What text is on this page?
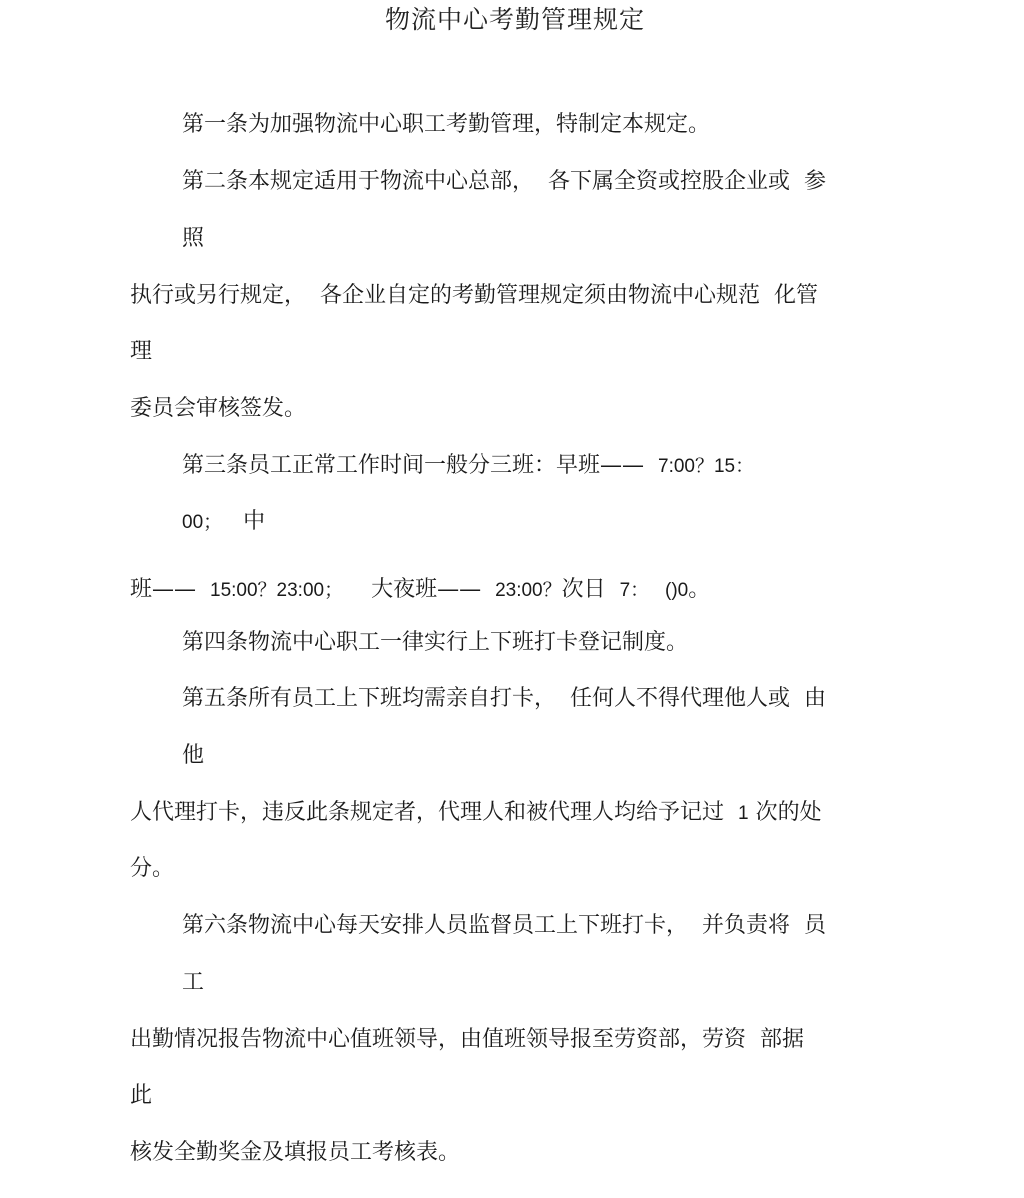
物流中心考勤管理规定
第一条为加强物流中心职工考勤管理，特制定本规定。
第二条本规定适用于物流中心总部，  各下属全资或控股企业或  参
照
执行或另行规定，  各企业自定的考勤管理规定须由物流中心规范  化管
理
委员会审核签发。
第三条员工正常工作时间一般分三班：早班——  7:00？15：
00；   中
班——  15:00？23:00；    大夜班——  23:00？次日  7：   ()0。
第四条物流中心职工一律实行上下班打卡登记制度。
第五条所有员工上下班均需亲自打卡，  任何人不得代理他人或  由
他
人代理打卡，违反此条规定者，代理人和被代理人均给予记过  1 次的处
分。
第六条物流中心每天安排人员监督员工上下班打卡，  并负责将  员
工
出勤情况报告物流中心值班领导，由值班领导报至劳资部，劳资  部据
此
核发全勤奖金及填报员工考核表。
